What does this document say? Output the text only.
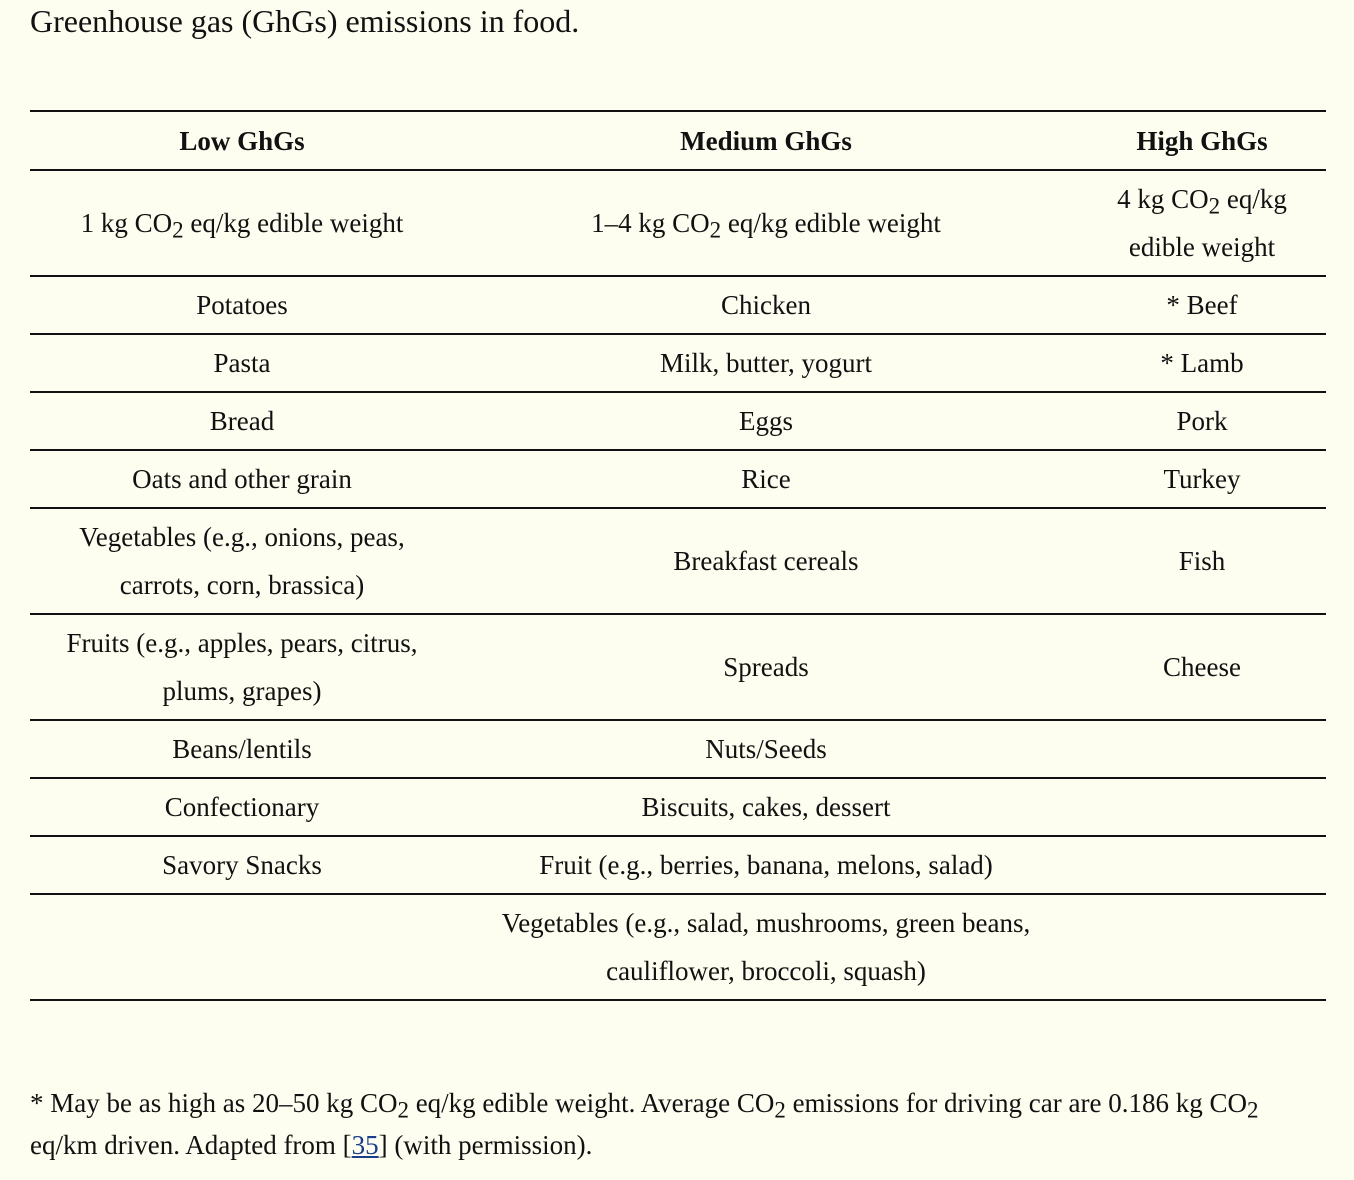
Greenhouse gas (GhGs) emissions in food.
Low GhGs	Medium GhGs	High GhGs
1 kg $CO_2$ eq/kg edible weight	1–4 kg $CO_2$ eq/kg edible weight	4 kg $CO_2$ eq/kg edible weight
Potatoes	Chicken	* Beef
Pasta	Milk, butter, yogurt	* Lamb
Bread	Eggs	Pork
Oats and other grain	Rice	Turkey
Vegetables (e.g., onions, peas, carrots, corn, brassica)	Breakfast cereals	Fish
Fruits (e.g., apples, pears, citrus, plums, grapes)	Spreads	Cheese
Beans/lentils	Nuts/Seeds	
Confectionary	Biscuits, cakes, dessert	
Savory Snacks	Fruit (e.g., berries, banana, melons, salad)	
	Vegetables (e.g., salad, mushrooms, green beans, cauliflower, broccoli, squash)	

* May be as high as 20–50 kg $CO_2$ eq/kg edible weight. Average $CO_2$ emissions for driving car are 0.186 kg $CO_2$ eq/km driven. Adapted from [35] (with permission).
